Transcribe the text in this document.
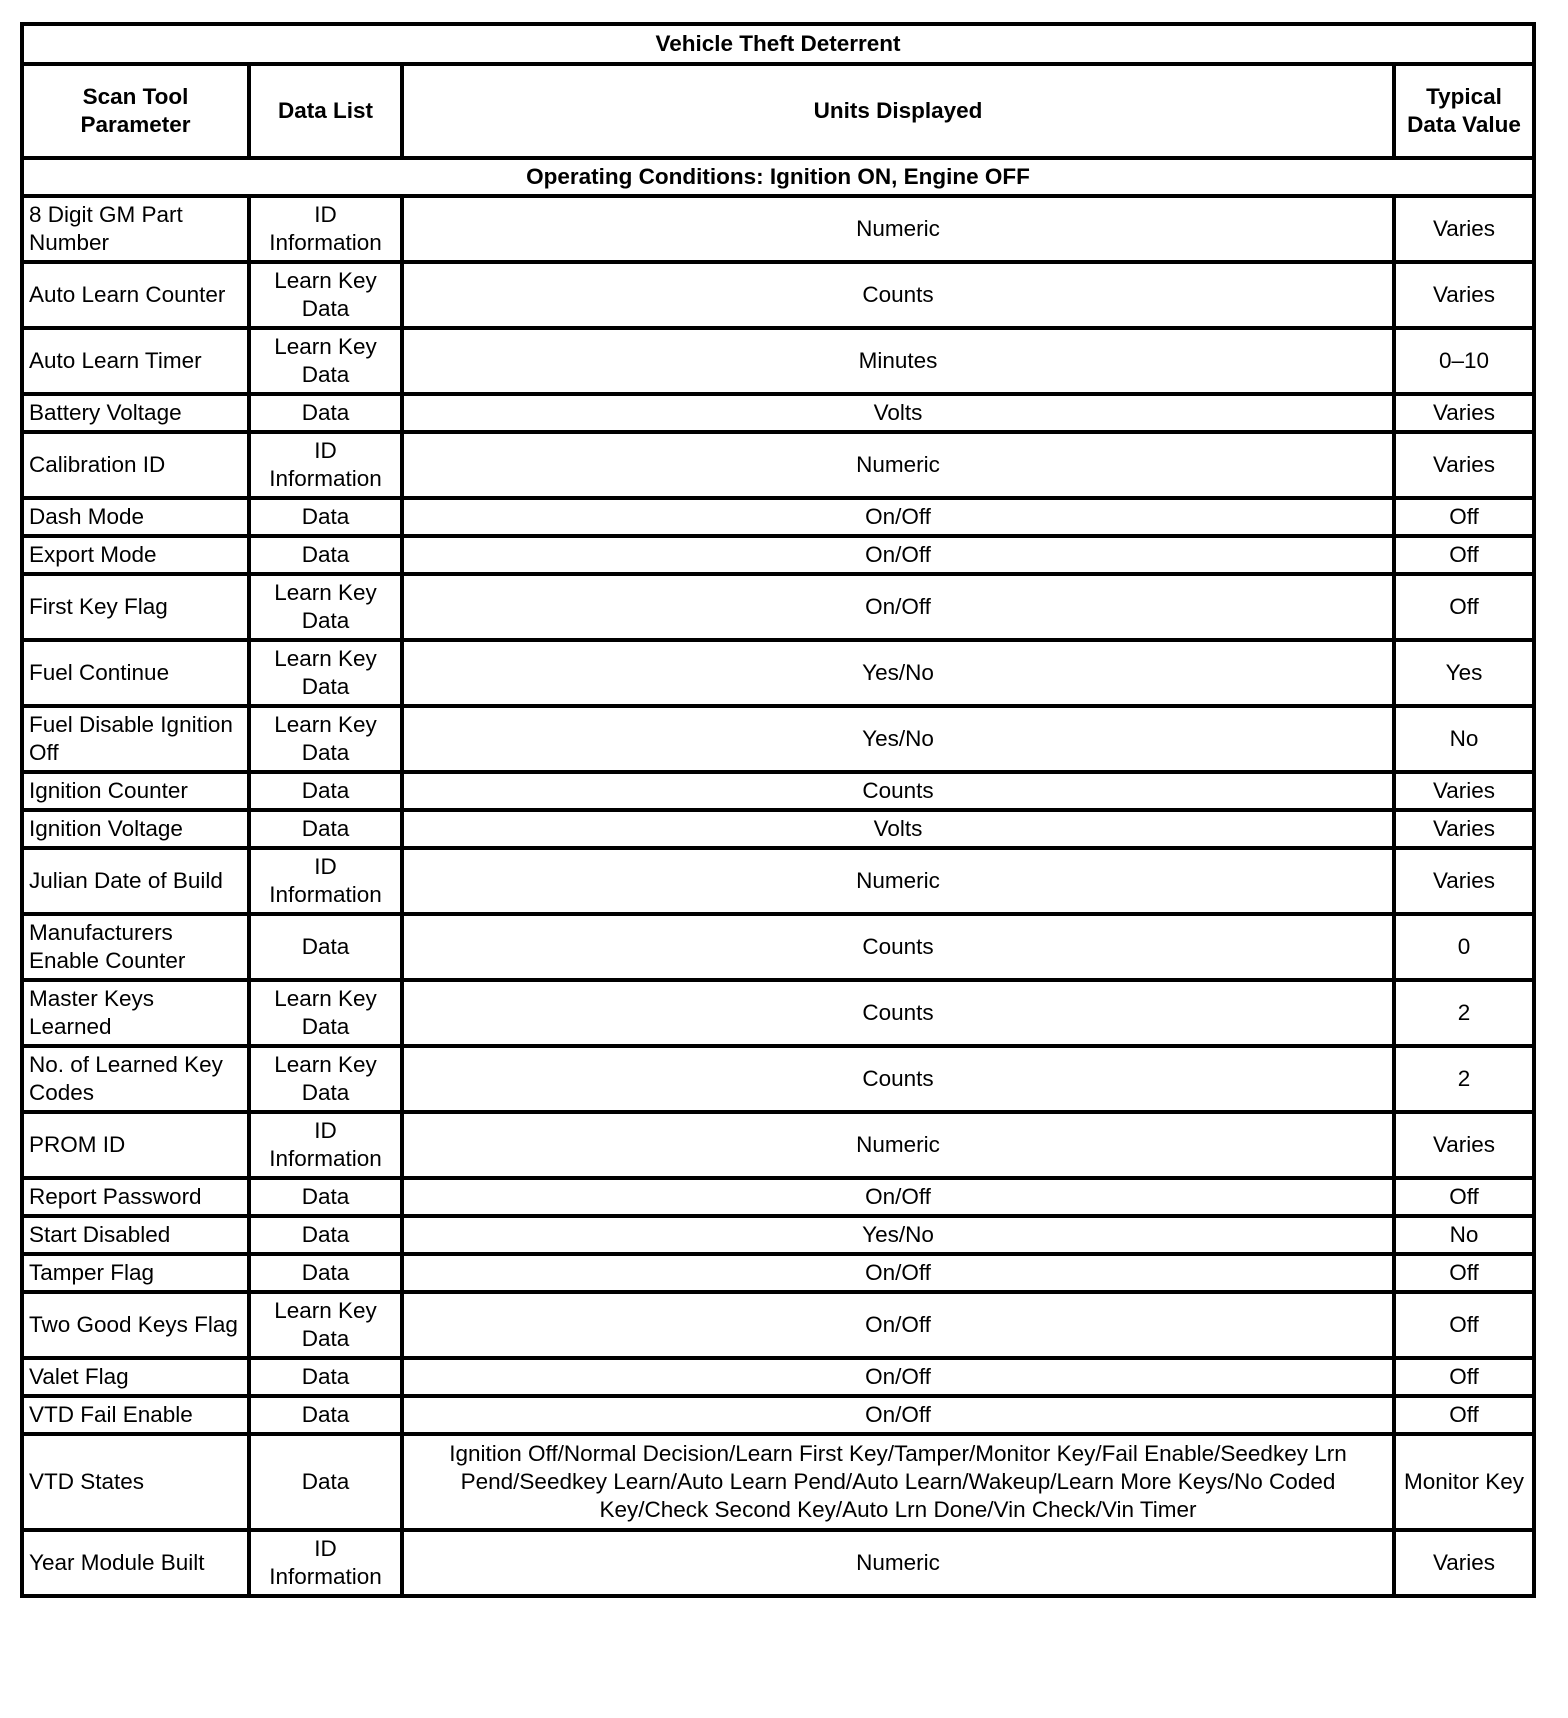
Vehicle Theft Deterrent			
Scan Tool Parameter	Data List	Units Displayed	Typical Data Value
Operating Conditions: Ignition ON, Engine OFF			
8 Digit GM Part Number	ID Information	Numeric	Varies
Auto Learn Counter	Learn Key Data	Counts	Varies
Auto Learn Timer	Learn Key Data	Minutes	0–10
Battery Voltage	Data	Volts	Varies
Calibration ID	ID Information	Numeric	Varies
Dash Mode	Data	On/Off	Off
Export Mode	Data	On/Off	Off
First Key Flag	Learn Key Data	On/Off	Off
Fuel Continue	Learn Key Data	Yes/No	Yes
Fuel Disable Ignition Off	Learn Key Data	Yes/No	No
Ignition Counter	Data	Counts	Varies
Ignition Voltage	Data	Volts	Varies
Julian Date of Build	ID Information	Numeric	Varies
Manufacturers Enable Counter	Data	Counts	0
Master Keys Learned	Learn Key Data	Counts	2
No. of Learned Key Codes	Learn Key Data	Counts	2
PROM ID	ID Information	Numeric	Varies
Report Password	Data	On/Off	Off
Start Disabled	Data	Yes/No	No
Tamper Flag	Data	On/Off	Off
Two Good Keys Flag	Learn Key Data	On/Off	Off
Valet Flag	Data	On/Off	Off
VTD Fail Enable	Data	On/Off	Off
VTD States	Data	Ignition Off/Normal Decision/Learn First Key/Tamper/Monitor Key/Fail Enable/Seedkey Lrn Pend/Seedkey Learn/Auto Learn Pend/Auto Learn/Wakeup/Learn More Keys/No Coded Key/Check Second Key/Auto Lrn Done/Vin Check/Vin Timer	Monitor Key
Year Module Built	ID Information	Numeric	Varies
